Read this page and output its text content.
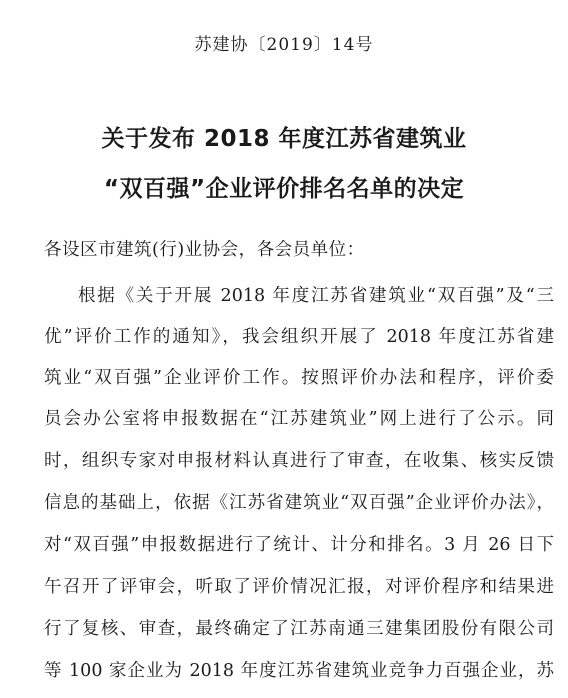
苏建协〔2019〕14号
关于发布 2018 年度江苏省建筑业
“双百强”企业评价排名名单的决定
各设区市建筑(行)业协会，各会员单位：
根据《关于开展 2018 年度江苏省建筑业“双百强”及“三
优”评价工作的通知》，我会组织开展了 2018 年度江苏省建
筑业“双百强”企业评价工作。按照评价办法和程序，评价委
员会办公室将申报数据在“江苏建筑业”网上进行了公示。同
时，组织专家对申报材料认真进行了审查，在收集、核实反馈
信息的基础上，依据《江苏省建筑业“双百强”企业评价办法》，
对“双百强”申报数据进行了统计、计分和排名。3 月 26 日下
午召开了评审会，听取了评价情况汇报，对评价程序和结果进
行了复核、审查，最终确定了江苏南通三建集团股份有限公司
等 100 家企业为 2018 年度江苏省建筑业竞争力百强企业，苏
